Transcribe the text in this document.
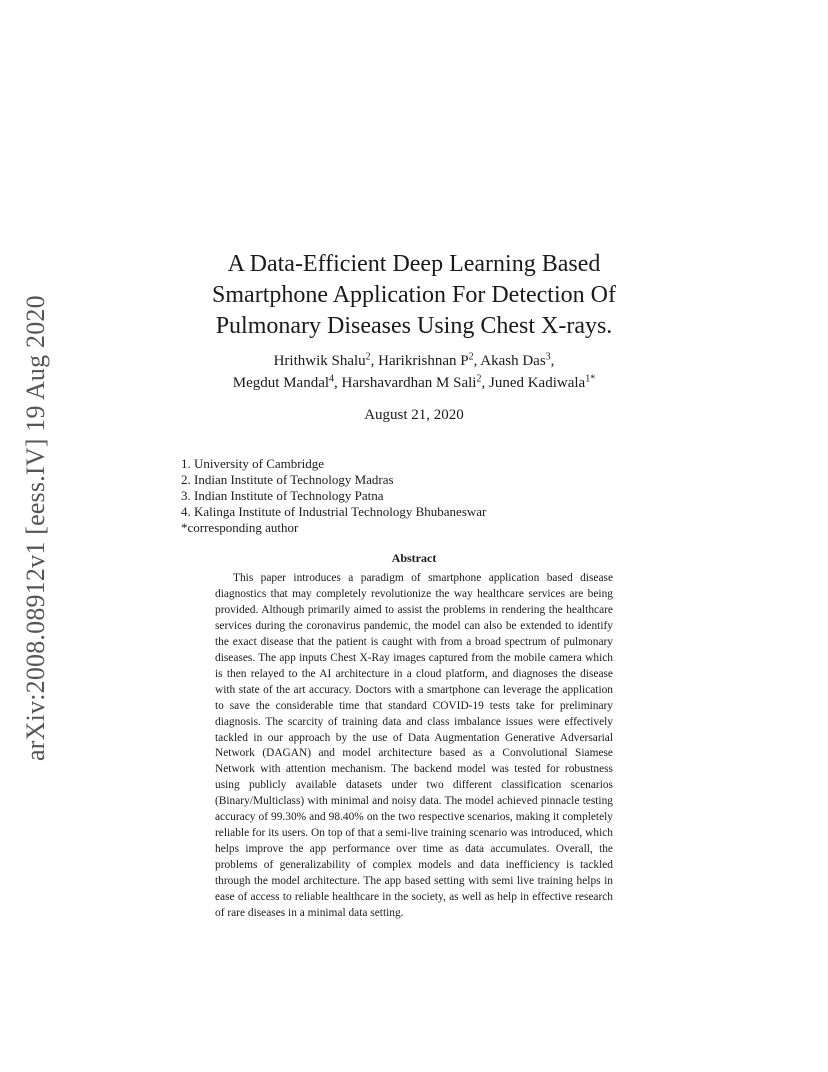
arXiv:2008.08912v1 [eess.IV] 19 Aug 2020
A Data-Efficient Deep Learning Based
Smartphone Application For Detection Of
Pulmonary Diseases Using Chest X-rays.
Hrithwik Shalu$^2$, Harikrishnan $P^2$, Akash Das$^3$,
Megdut Mandal$^4$, Harshavardhan M Sali$^2$, Juned Kadiwala$^{1*}$
August 21, 2020
1. University of Cambridge
2. Indian Institute of Technology Madras
3. Indian Institute of Technology Patna
4. Kalinga Institute of Industrial Technology Bhubaneswar
*corresponding author
Abstract

This paper introduces a paradigm of smartphone application based disease diagnostics that may completely revolutionize the way healthcare services are being provided. Although primarily aimed to assist the problems in rendering the healthcare services during the coronavirus pandemic, the model can also be extended to identify the exact disease that the patient is caught with from a broad spectrum of pulmonary diseases. The app inputs Chest X-Ray images captured from the mobile camera which is then relayed to the AI architecture in a cloud platform, and diagnoses the disease with state of the art accuracy. Doctors with a smartphone can leverage the application to save the considerable time that standard COVID-19 tests take for preliminary diagnosis. The scarcity of training data and class imbalance issues were effectively tackled in our approach by the use of Data Augmentation Generative Adversarial Network (DAGAN) and model architecture based as a Convolutional Siamese Network with attention mechanism. The backend model was tested for robustness using publicly available datasets under two different classification scenarios (Binary/Multiclass) with minimal and noisy data. The model achieved pinnacle testing accuracy of 99.30% and 98.40% on the two respective scenarios, making it completely reliable for its users. On top of that a semi-live training scenario was introduced, which helps improve the app performance over time as data accumulates. Overall, the problems of generalizability of complex models and data inefficiency is tackled through the model architecture. The app based setting with semi live training helps in ease of access to reliable healthcare in the society, as well as help in effective research of rare diseases in a minimal data setting.
